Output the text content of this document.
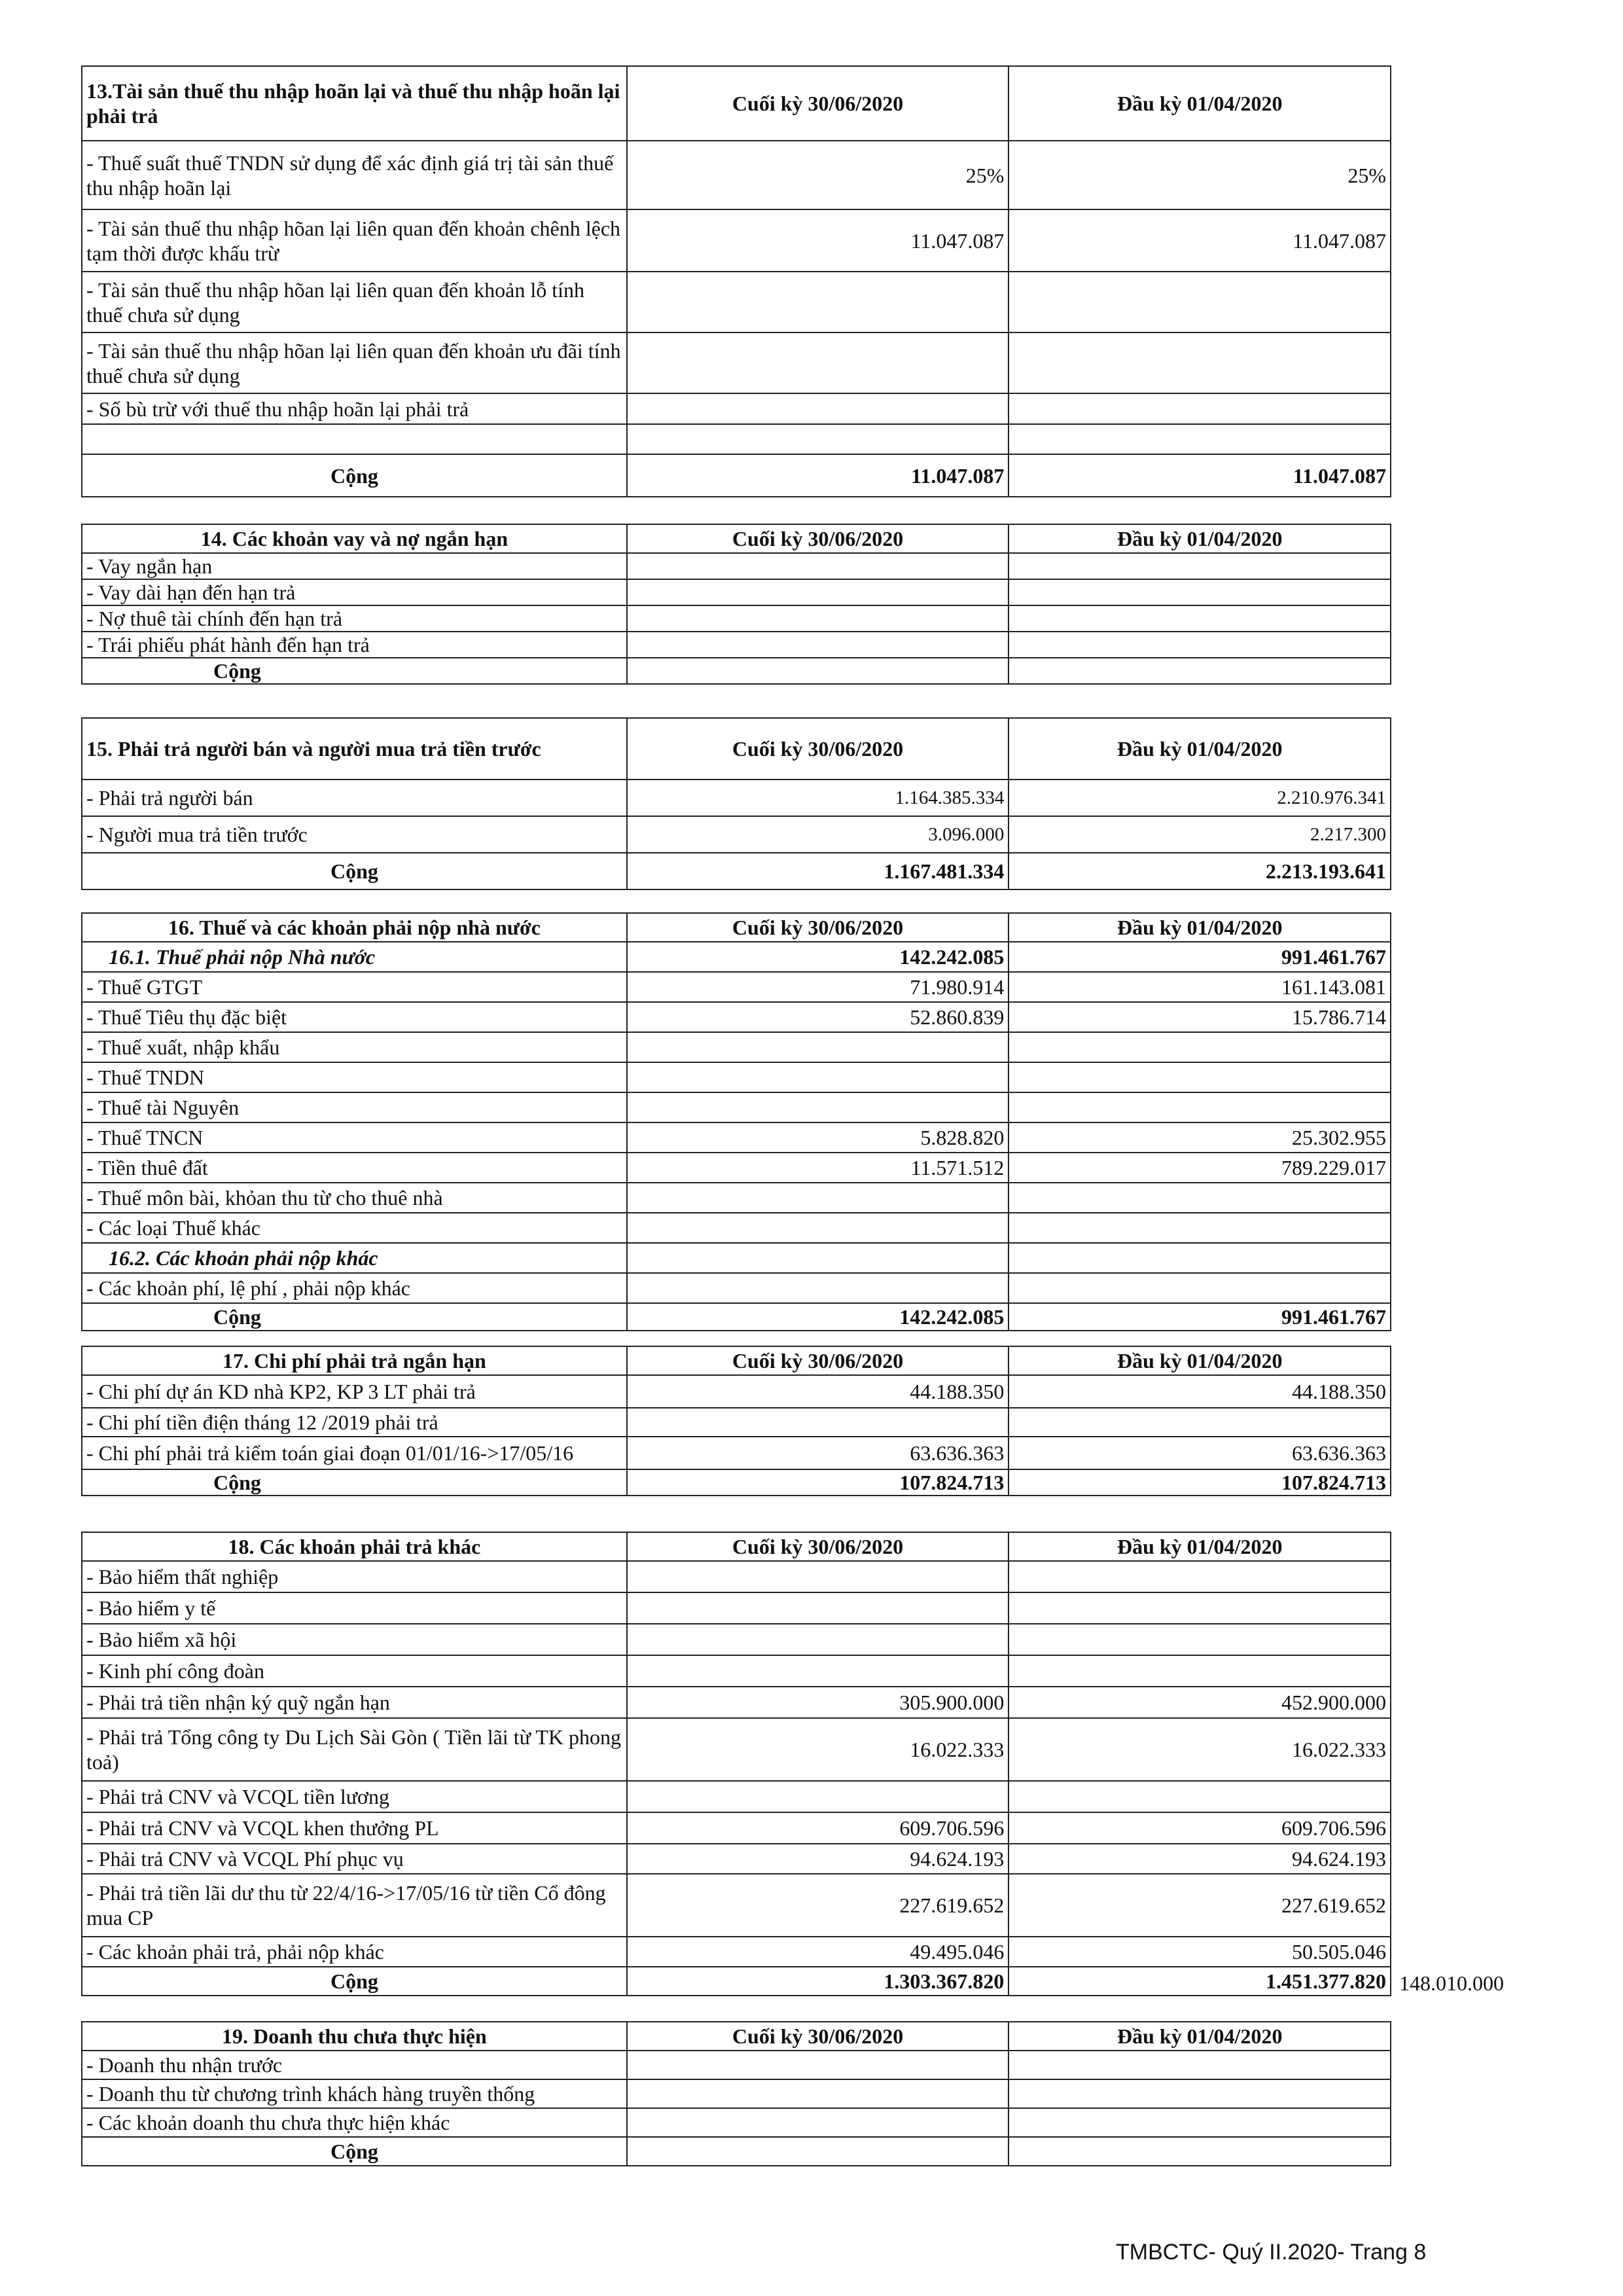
13.Tài sản thuế thu nhập hoãn lại và thuế thu nhập hoãn lại phải trả	Cuối kỳ 30/06/2020	Đầu kỳ 01/04/2020
- Thuế suất thuế TNDN sử dụng để xác định giá trị tài sản thuế thu nhập hoãn lại	25%	25%
- Tài sản thuế thu nhập hõan lại liên quan đến khoản chênh lệch tạm thời được khấu trừ	11.047.087	11.047.087
- Tài sản thuế thu nhập hõan lại liên quan đến khoản lỗ tính thuế chưa sử dụng		
- Tài sản thuế thu nhập hõan lại liên quan đến khoản ưu đãi tính thuế chưa sử dụng		
- Số bù trừ với thuế thu nhập hoãn lại phải trả		

Cộng	11.047.087	11.047.087
14. Các khoản vay và nợ ngắn hạn	Cuối kỳ 30/06/2020	Đầu kỳ 01/04/2020
- Vay ngắn hạn		
- Vay dài hạn đến hạn trả		
- Nợ thuê tài chính đến hạn trả		
- Trái phiếu phát hành đến hạn trả		
Cộng		
15. Phải trả người bán và người mua trả tiền trước	Cuối kỳ 30/06/2020	Đầu kỳ 01/04/2020
- Phải trả người bán	1.164.385.334	2.210.976.341
- Người mua trả tiền trước	3.096.000	2.217.300
Cộng	1.167.481.334	2.213.193.641
16. Thuế và các khoản phải nộp nhà nước	Cuối kỳ 30/06/2020	Đầu kỳ 01/04/2020
16.1. Thuế phải nộp Nhà nước	142.242.085	991.461.767
- Thuế GTGT	71.980.914	161.143.081
- Thuế Tiêu thụ đặc biệt	52.860.839	15.786.714
- Thuế xuất, nhập khẩu		
- Thuế TNDN		
- Thuế tài Nguyên		
- Thuế TNCN	5.828.820	25.302.955
- Tiền thuê đất	11.571.512	789.229.017
- Thuế môn bài, khỏan thu từ cho thuê nhà		
- Các loại Thuế khác		
16.2. Các khoản phải nộp khác		
- Các khoản phí, lệ phí , phải nộp khác		
Cộng	142.242.085	991.461.767
17. Chi phí phải trả ngắn hạn	Cuối kỳ 30/06/2020	Đầu kỳ 01/04/2020
- Chi phí dự án KD nhà KP2, KP 3 LT phải trả	44.188.350	44.188.350
- Chi phí tiền điện tháng 12 /2019 phải trả		
- Chi phí phải trả kiểm toán giai đoạn 01/01/16->17/05/16	63.636.363	63.636.363
Cộng	107.824.713	107.824.713
18. Các khoản phải trả khác	Cuối kỳ 30/06/2020	Đầu kỳ 01/04/2020
- Bảo hiểm thất nghiệp		
- Bảo hiểm y tế		
- Bảo hiểm xã hội		
- Kinh phí công đoàn		
- Phải trả tiền nhận ký quỹ ngắn hạn	305.900.000	452.900.000
- Phải trả Tổng công ty Du Lịch Sài Gòn ( Tiền lãi từ TK phong toả)	16.022.333	16.022.333
- Phải trả CNV và VCQL tiền lương		
- Phải trả CNV và VCQL khen thưởng PL	609.706.596	609.706.596
- Phải trả CNV và VCQL Phí phục vụ	94.624.193	94.624.193
- Phải trả tiền lãi dư thu từ 22/4/16->17/05/16 từ tiền Cổ đông mua CP	227.619.652	227.619.652
- Các khoản phải trả, phải nộp khác	49.495.046	50.505.046
Cộng	1.303.367.820	1.451.377.820 148.010.000
19. Doanh thu chưa thực hiện	Cuối kỳ 30/06/2020	Đầu kỳ 01/04/2020
- Doanh thu nhận trước		
- Doanh thu từ chương trình khách hàng truyền thống		
- Các khoản doanh thu chưa thực hiện khác		
Cộng		
TMBCTC- Quý II.2020- Trang 8
